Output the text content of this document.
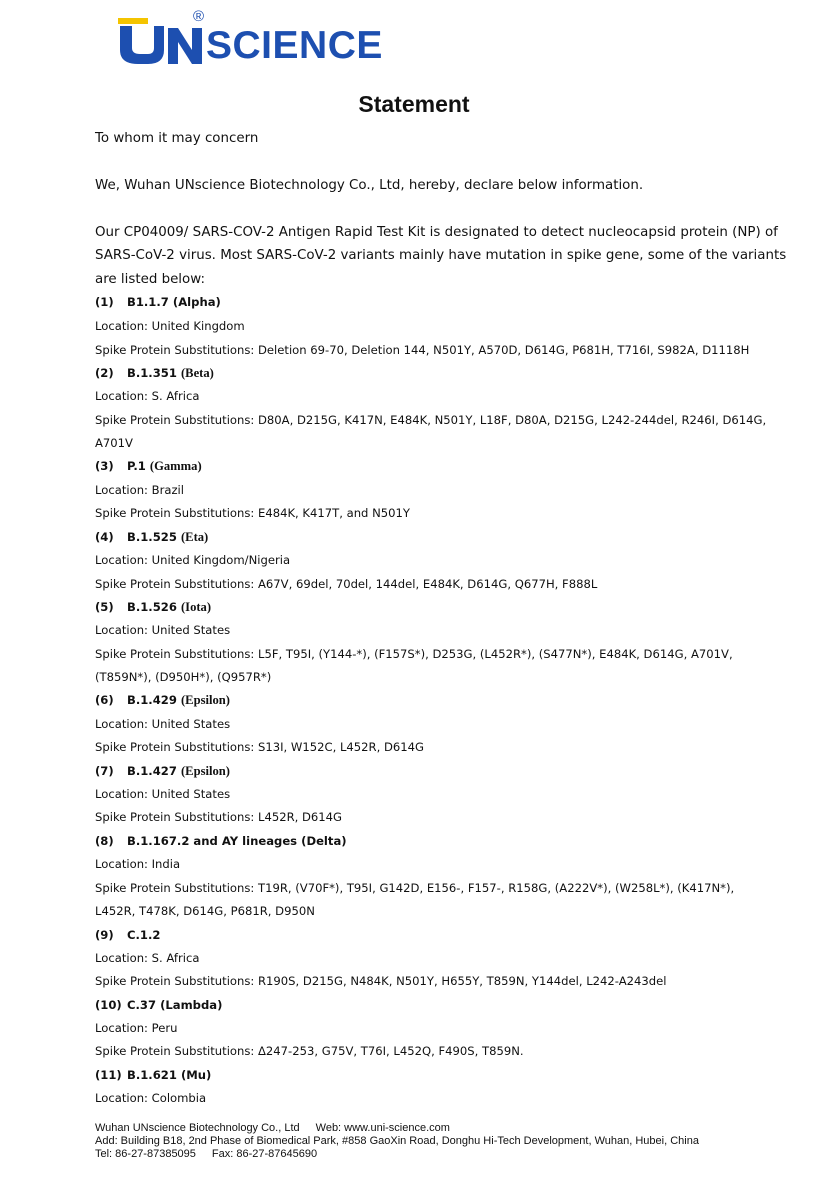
®
SCIENCE
Statement
To whom it may concern
We, Wuhan UNscience Biotechnology Co., Ltd, hereby, declare below information.
Our CP04009/ SARS-COV-2 Antigen Rapid Test Kit is designated to detect nucleocapsid protein (NP) of
SARS-CoV-2 virus. Most SARS-CoV-2 variants mainly have mutation in spike gene, some of the variants
are listed below:
(1) B1.1.7 (Alpha)
Location: United Kingdom
Spike Protein Substitutions: Deletion 69-70, Deletion 144, N501Y, A570D, D614G, P681H, T716I, S982A, D1118H
(2) B.1.351 (Beta)
Location: S. Africa
Spike Protein Substitutions: D80A, D215G, K417N, E484K, N501Y, L18F, D80A, D215G, L242-244del, R246I, D614G,
A701V
(3) P.1 (Gamma)
Location: Brazil
Spike Protein Substitutions: E484K, K417T, and N501Y
(4) B.1.525 (Eta)
Location: United Kingdom/Nigeria
Spike Protein Substitutions: A67V, 69del, 70del, 144del, E484K, D614G, Q677H, F888L
(5) B.1.526 (Iota)
Location: United States
Spike Protein Substitutions: L5F, T95I, (Y144-*), (F157S*), D253G, (L452R*), (S477N*), E484K, D614G, A701V,
(T859N*), (D950H*), (Q957R*)
(6) B.1.429 (Epsilon)
Location: United States
Spike Protein Substitutions: S13I, W152C, L452R, D614G
(7) B.1.427 (Epsilon)
Location: United States
Spike Protein Substitutions: L452R, D614G
(8) B.1.167.2 and AY lineages (Delta)
Location: India
Spike Protein Substitutions: T19R, (V70F*), T95I, G142D, E156-, F157-, R158G, (A222V*), (W258L*), (K417N*),
L452R, T478K, D614G, P681R, D950N
(9) C.1.2
Location: S. Africa
Spike Protein Substitutions: R190S, D215G, N484K, N501Y, H655Y, T859N, Y144del, L242-A243del
(10) C.37 (Lambda)
Location: Peru
Spike Protein Substitutions: Δ247-253, G75V, T76I, L452Q, F490S, T859N.
(11) B.1.621 (Mu)
Location: Colombia
Wuhan UNscience Biotechnology Co., Ltd Web: www.uni-science.com
Add: Building B18, 2nd Phase of Biomedical Park, #858 GaoXin Road, Donghu Hi-Tech Development, Wuhan, Hubei, China
Tel: 86-27-87385095 Fax: 86-27-87645690
